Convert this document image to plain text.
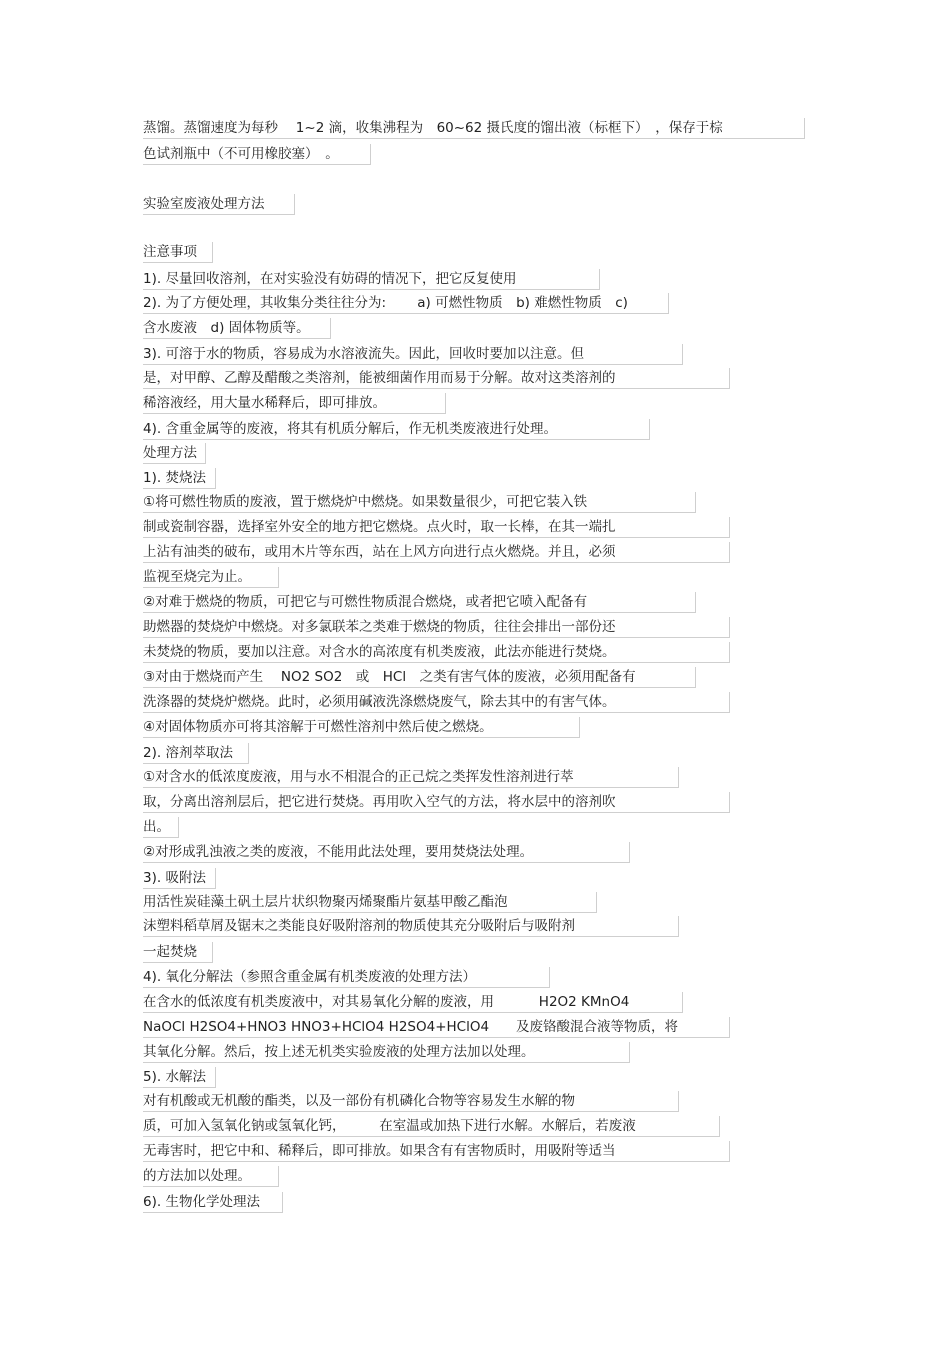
蒸馏。蒸馏速度为每秒　 1~2 滴，收集沸程为　60~62 摄氏度的馏出液（标框下）　，保存于棕
色试剂瓶中（不可用橡胶塞）　。
实验室废液处理方法
注意事项
1). 尽量回收溶剂，在对实验没有妨碍的情况下，把它反复使用
2). 为了方便处理，其收集分类往往分为:　　 a) 可燃性物质　b) 难燃性物质　c)
含水废液　d) 固体物质等。
3). 可溶于水的物质，容易成为水溶液流失。因此，回收时要加以注意。但
是，对甲醇、乙醇及醋酸之类溶剂，能被细菌作用而易于分解。故对这类溶剂的
稀溶液经，用大量水稀释后，即可排放。
4). 含重金属等的废液，将其有机质分解后，作无机类废液进行处理。
处理方法
1). 焚烧法
①将可燃性物质的废液，置于燃烧炉中燃烧。如果数量很少，可把它装入铁
制或瓷制容器，选择室外安全的地方把它燃烧。点火时，取一长棒，在其一端扎
上沾有油类的破布，或用木片等东西，站在上风方向进行点火燃烧。并且，必须
监视至烧完为止。
②对难于燃烧的物质，可把它与可燃性物质混合燃烧，或者把它喷入配备有
助燃器的焚烧炉中燃烧。对多氯联苯之类难于燃烧的物质，往往会排出一部份还
未焚烧的物质，要加以注意。对含水的高浓度有机类废液，此法亦能进行焚烧。
③对由于燃烧而产生　 NO2 SO2　或　HCl　之类有害气体的废液，必须用配备有
洗涤器的焚烧炉燃烧。此时，必须用碱液洗涤燃烧废气，除去其中的有害气体。
④对固体物质亦可将其溶解于可燃性溶剂中然后使之燃烧。
2). 溶剂萃取法
①对含水的低浓度废液，用与水不相混合的正己烷之类挥发性溶剂进行萃
取，分离出溶剂层后，把它进行焚烧。再用吹入空气的方法，将水层中的溶剂吹
出。
②对形成乳浊液之类的废液，不能用此法处理，要用焚烧法处理。
3). 吸附法
用活性炭硅藻土矾土层片状织物聚丙烯聚酯片氨基甲酸乙酯泡
沫塑料稻草屑及锯末之类能良好吸附溶剂的物质使其充分吸附后与吸附剂
一起焚烧
4). 氧化分解法（参照含重金属有机类废液的处理方法）
在含水的低浓度有机类废液中，对其易氧化分解的废液，用　　　 H2O2 KMnO4
NaOCl H2SO4+HNO3 HNO3+HClO4 H2SO4+HClO4　　及废铬酸混合液等物质，将
其氧化分解。然后，按上述无机类实验废液的处理方法加以处理。
5). 水解法
对有机酸或无机酸的酯类，以及一部份有机磷化合物等容易发生水解的物
质，可加入氢氧化钠或氢氧化钙，　　　在室温或加热下进行水解。水解后，若废液
无毒害时，把它中和、稀释后，即可排放。如果含有有害物质时，用吸附等适当
的方法加以处理。
6). 生物化学处理法
